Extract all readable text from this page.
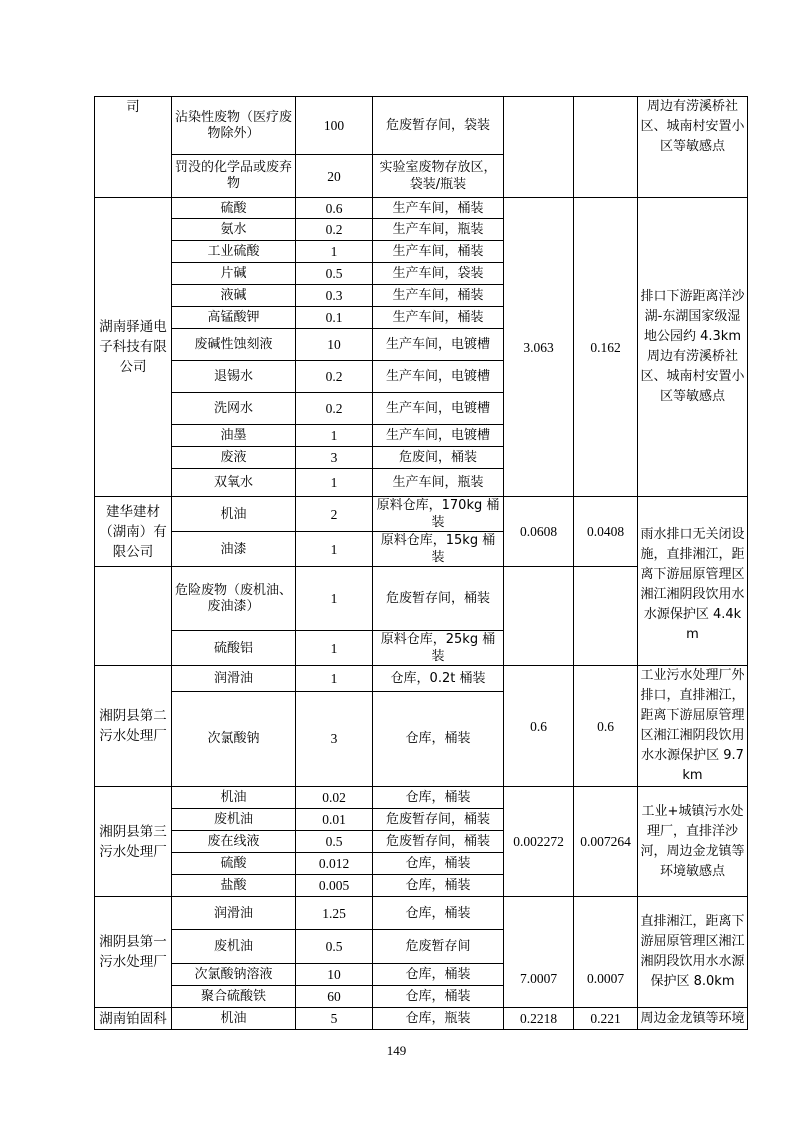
司	沾染性废物（医疗废物除外）	100	危废暂存间，袋装			周边有涝溪桥社区、城南村安置小区等敏感点
	罚没的化学品或废弃物	20	实验室废物存放区，袋装/瓶装			
湖南驿通电子科技有限公司	硫酸	0.6	生产车间，桶装	3.063	0.162	排口下游距离洋沙湖-东湖国家级湿地公园约 4.3km 周边有涝溪桥社区、城南村安置小区等敏感点
	氨水	0.2	生产车间，瓶装			
	工业硫酸	1	生产车间，桶装			
	片碱	0.5	生产车间，袋装			
	液碱	0.3	生产车间，桶装			
	高锰酸钾	0.1	生产车间，桶装			
	废碱性蚀刻液	10	生产车间，电镀槽			
	退锡水	0.2	生产车间，电镀槽			
	洗网水	0.2	生产车间，电镀槽			
	油墨	1	生产车间，电镀槽			
	废液	3	危废间，桶装			
	双氧水	1	生产车间，瓶装			
建华建材（湖南）有限公司	机油	2	原料仓库，170kg 桶装	0.0608	0.0408	雨水排口无关闭设施，直排湘江，距离下游屈原管理区湘江湘阴段饮用水水源保护区 4.4km
	油漆	1	原料仓库，15kg 桶装			
	危险废物（废机油、废油漆）	1	危废暂存间，桶装			
	硫酸铝	1	原料仓库，25kg 桶装			
湘阴县第二污水处理厂	润滑油	1	仓库，0.2t 桶装	0.6	0.6	工业污水处理厂外排口，直排湘江，距离下游屈原管理区湘江湘阴段饮用水水源保护区 9.7km
	次氯酸钠	3	仓库，桶装			
湘阴县第三污水处理厂	机油	0.02	仓库，桶装	0.002272	0.007264	工业+城镇污水处理厂，直排洋沙河，周边金龙镇等环境敏感点
	废机油	0.01	危废暂存间，桶装			
	废在线液	0.5	危废暂存间，桶装			
	硫酸	0.012	仓库，桶装			
	盐酸	0.005	仓库，桶装			
湘阴县第一污水处理厂	润滑油	1.25	仓库，桶装	7.0007	0.0007	直排湘江，距离下游屈原管理区湘江湘阴段饮用水水源保护区 8.0km
	废机油	0.5	危废暂存间			
	次氯酸钠溶液	10	仓库，桶装			
	聚合硫酸铁	60	仓库，桶装			
湖南铂固科	机油	5	仓库，瓶装	0.2218	0.221	周边金龙镇等环境
149
